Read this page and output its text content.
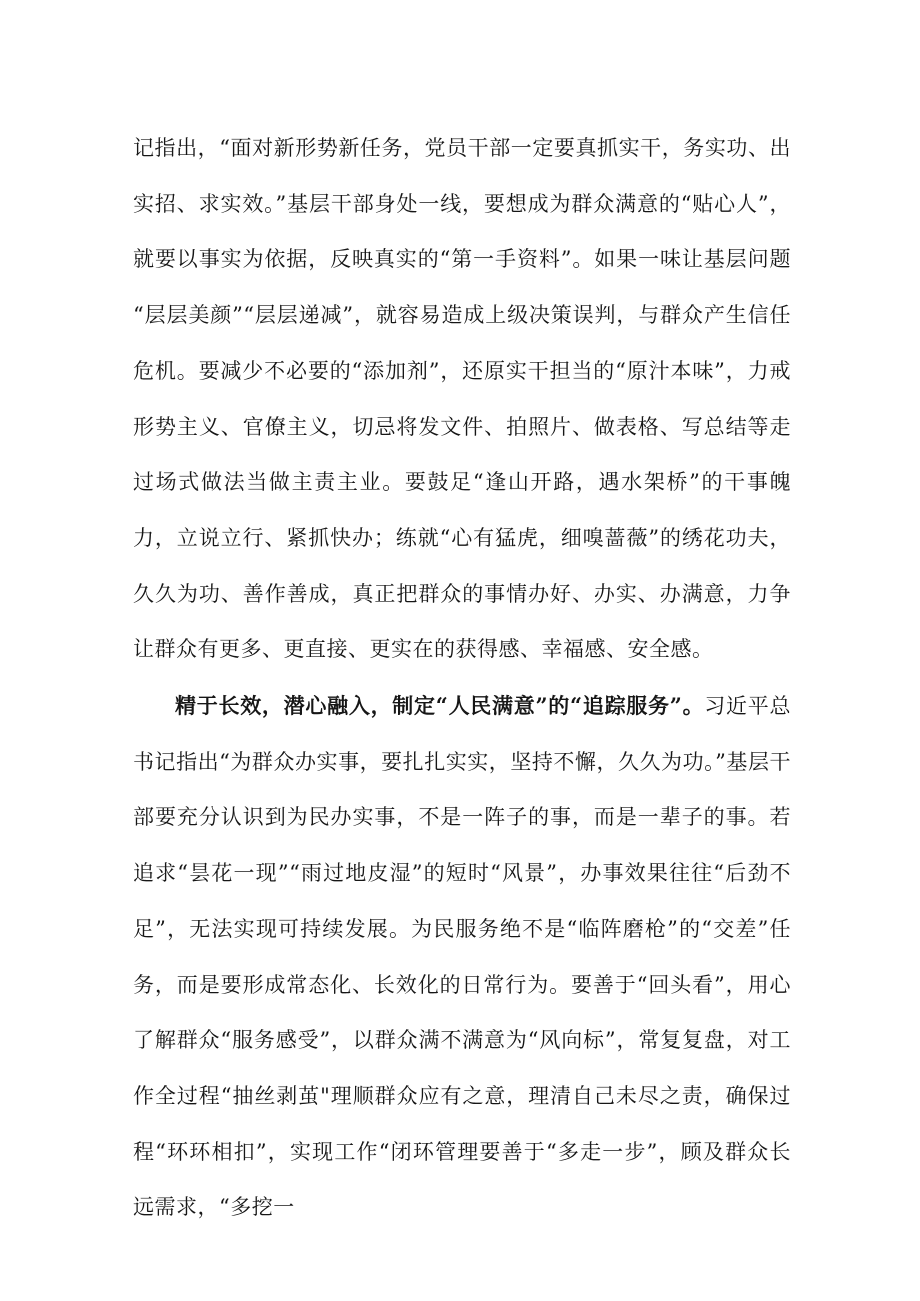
记指出，“面对新形势新任务，党员干部一定要真抓实干，务实功、出实招、求实效。”基层干部身处一线，要想成为群众满意的“贴心人”，就要以事实为依据，反映真实的“第一手资料”。如果一味让基层问题“层层美颜”“层层递减”，就容易造成上级决策误判，与群众产生信任危机。要减少不必要的“添加剂”，还原实干担当的“原汁本味”，力戒形势主义、官僚主义，切忌将发文件、拍照片、做表格、写总结等走过场式做法当做主责主业。要鼓足“逢山开路，遇水架桥”的干事魄力，立说立行、紧抓快办；练就“心有猛虎，细嗅蔷薇”的绣花功夫，久久为功、善作善成，真正把群众的事情办好、办实、办满意，力争让群众有更多、更直接、更实在的获得感、幸福感、安全感。

精于长效，潜心融入，制定“人民满意”的“追踪服务”。习近平总书记指出“为群众办实事，要扎扎实实，坚持不懈，久久为功。”基层干部要充分认识到为民办实事，不是一阵子的事，而是一辈子的事。若追求“昙花一现”“雨过地皮湿”的短时“风景”，办事效果往往“后劲不足”，无法实现可持续发展。为民服务绝不是“临阵磨枪”的“交差”任务，而是要形成常态化、长效化的日常行为。要善于“回头看”，用心了解群众“服务感受”，以群众满不满意为“风向标”，常复复盘，对工作全过程“抽丝剥茧"理顺群众应有之意，理清自己未尽之责，确保过程“环环相扣”，实现工作“闭环管理要善于“多走一步”，顾及群众长远需求，“多挖一
